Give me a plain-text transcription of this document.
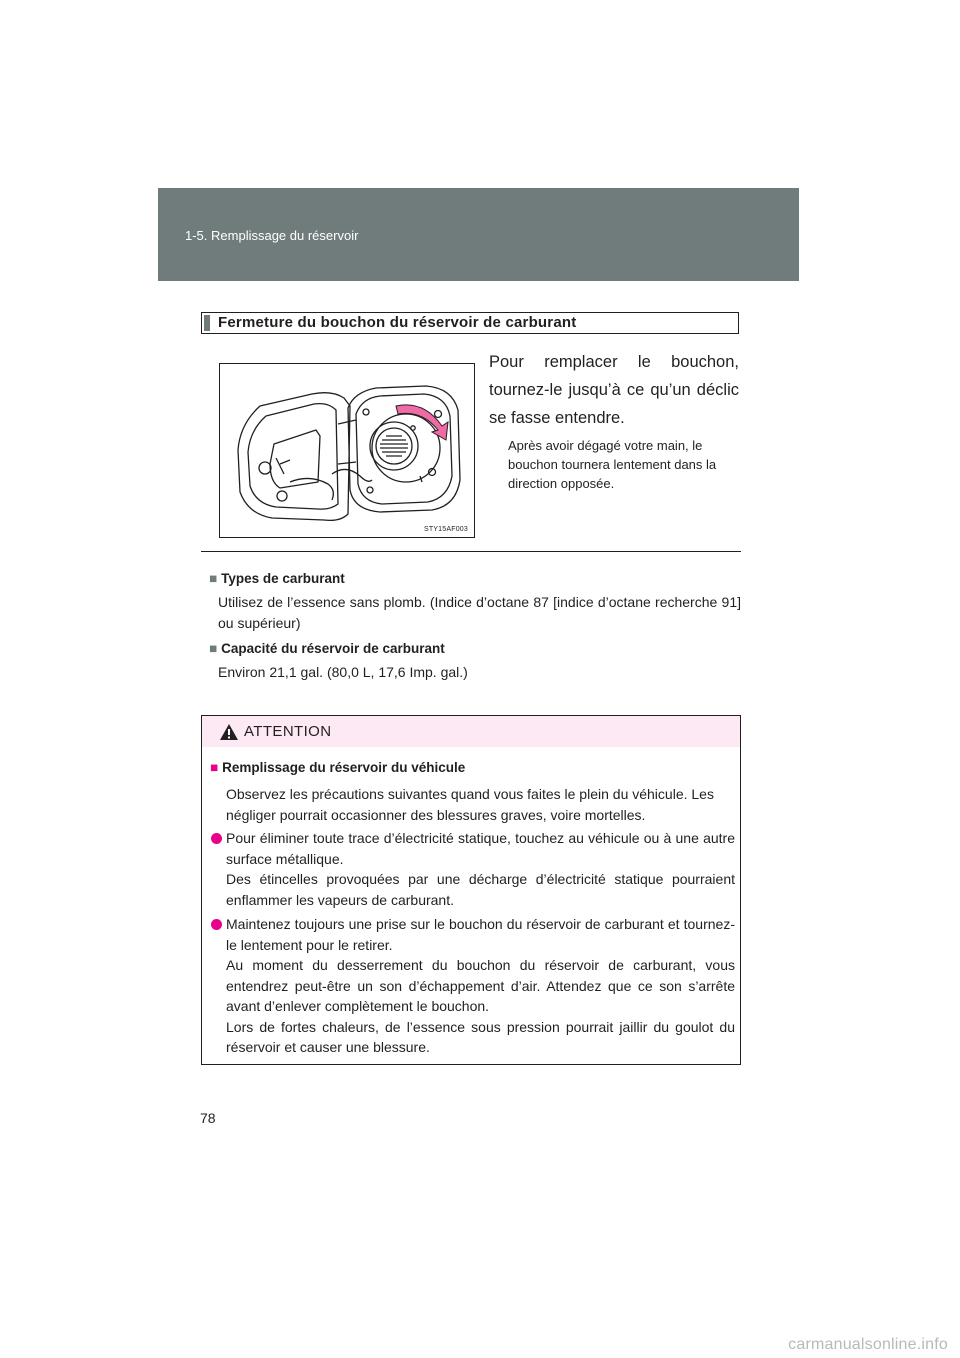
1-5. Remplissage du réservoir
Fermeture du bouchon du réservoir de carburant
STY15AF003
Pour remplacer le bouchon, tournez-le jusqu’à ce qu’un déclic se fasse entendre.
Après avoir dégagé votre main, le bouchon tournera lentement dans la direction opposée.
■ Types de carburant
Utilisez de l’essence sans plomb. (Indice d’octane 87 [indice d’octane recherche 91] ou supérieur)
■ Capacité du réservoir de carburant
Environ 21,1 gal. (80,0 L, 17,6 Imp. gal.)
ATTENTION
■ Remplissage du réservoir du véhicule
Observez les précautions suivantes quand vous faites le plein du véhicule. Les négliger pourrait occasionner des blessures graves, voire mortelles.
Pour éliminer toute trace d’électricité statique, touchez au véhicule ou à une autre surface métallique.
Des étincelles provoquées par une décharge d’électricité statique pourraient enflammer les vapeurs de carburant.
Maintenez toujours une prise sur le bouchon du réservoir de carburant et tournez-le lentement pour le retirer.
Au moment du desserrement du bouchon du réservoir de carburant, vous entendrez peut-être un son d’échappement d’air. Attendez que ce son s’arrête avant d’enlever complètement le bouchon.
Lors de fortes chaleurs, de l’essence sous pression pourrait jaillir du goulot du réservoir et causer une blessure.
78
carmanualsonline.info
